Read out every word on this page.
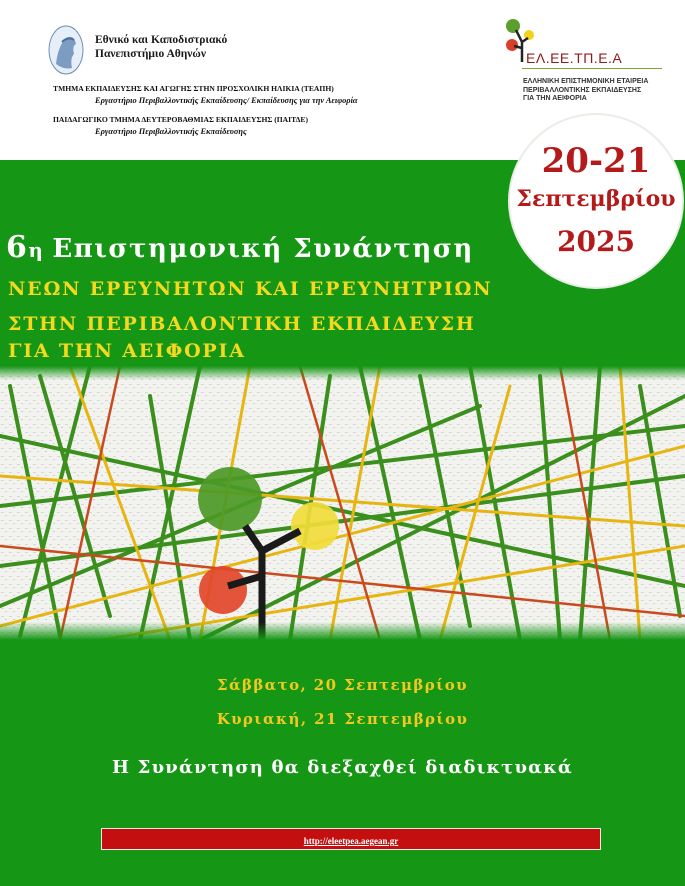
Εθνικό και Καποδιστριακό
Πανεπιστήμιο Αθηνών
ΤΜΗΜΑ ΕΚΠΑΙΔΕΥΣΗΣ ΚΑΙ ΑΓΩΓΗΣ ΣΤΗΝ ΠΡΟΣΧΟΛΙΚΗ ΗΛΙΚΙΑ (ΤΕΑΠΗ)
Εργαστήριο Περιβαλλοντικής Εκπαίδευσης/ Εκπαίδευσης για την Αειφορία
ΠΑΙΔΑΓΩΓΙΚΟ ΤΜΗΜΑ ΔΕΥΤΕΡΟΒΑΘΜΙΑΣ ΕΚΠΑΙΔΕΥΣΗΣ (ΠΑΙΤΔΕ)
Εργαστήριο Περιβαλλοντικής Εκπαίδευσης
ΕΛ.ΕΕ.ΤΠ.Ε.Α
ΕΛΛΗΝΙΚΗ ΕΠΙΣΤΗΜΟΝΙΚΗ ΕΤΑΙΡΕΙΑ
ΠΕΡΙΒΑΛΛΟΝΤΙΚΗΣ ΕΚΠΑΙΔΕΥΣΗΣ
ΓΙΑ ΤΗΝ ΑΕΙΦΟΡΙΑ
20-21
Σεπτεμβρίου
2025
6η Επιστημονική Συνάντηση
ΝΕΩΝ ΕΡΕΥΝΗΤΩΝ ΚΑΙ ΕΡΕΥΝΗΤΡΙΩΝ
ΣΤΗΝ ΠΕΡΙΒΑΛΟΝΤΙΚΗ ΕΚΠΑΙΔΕΥΣΗ
ΓΙΑ ΤΗΝ ΑΕΙΦΟΡΙΑ
Σάββατο, 20 Σεπτεμβρίου
Κυριακή, 21 Σεπτεμβρίου
Η Συνάντηση θα διεξαχθεί διαδικτυακά
http://eleetpea.aegean.gr
